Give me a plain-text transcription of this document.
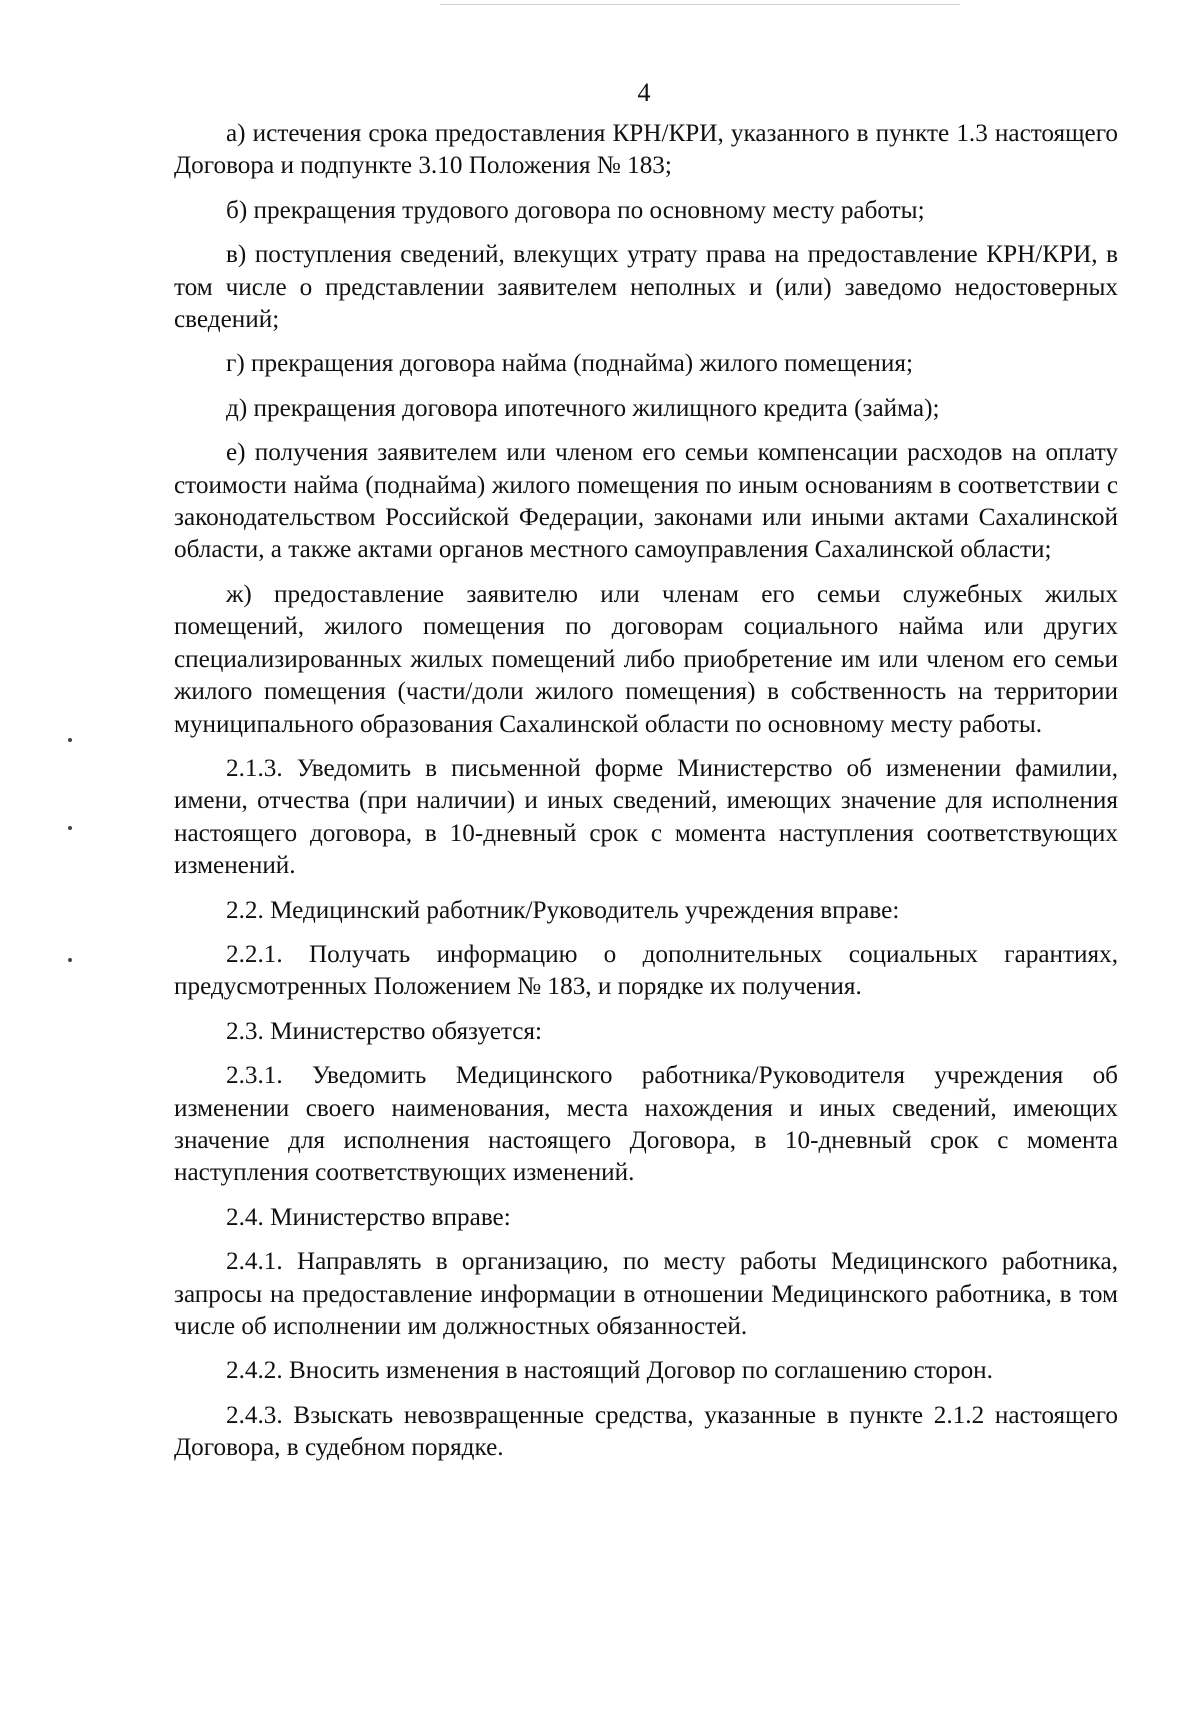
4

а) истечения срока предоставления КРН/КРИ, указанного в пункте 1.3 настоящего Договора и подпункте 3.10 Положения № 183;

б) прекращения трудового договора по основному месту работы;

в) поступления сведений, влекущих утрату права на предоставление КРН/КРИ, в том числе о представлении заявителем неполных и (или) заведомо недостоверных сведений;

г) прекращения договора найма (поднайма) жилого помещения;

д) прекращения договора ипотечного жилищного кредита (займа);

е) получения заявителем или членом его семьи компенсации расходов на оплату стоимости найма (поднайма) жилого помещения по иным основаниям в соответствии с законодательством Российской Федерации, законами или иными актами Сахалинской области, а также актами органов местного самоуправления Сахалинской области;

ж) предоставление заявителю или членам его семьи служебных жилых помещений, жилого помещения по договорам социального найма или других специализированных жилых помещений либо приобретение им или членом его семьи жилого помещения (части/доли жилого помещения) в собственность на территории муниципального образования Сахалинской области по основному месту работы.

2.1.3. Уведомить в письменной форме Министерство об изменении фамилии, имени, отчества (при наличии) и иных сведений, имеющих значение для исполнения настоящего договора, в 10-дневный срок с момента наступления соответствующих изменений.

2.2. Медицинский работник/Руководитель учреждения вправе:

2.2.1. Получать информацию о дополнительных социальных гарантиях, предусмотренных Положением № 183, и порядке их получения.

2.3. Министерство обязуется:

2.3.1. Уведомить Медицинского работника/Руководителя учреждения об изменении своего наименования, места нахождения и иных сведений, имеющих значение для исполнения настоящего Договора, в 10-дневный срок с момента наступления соответствующих изменений.

2.4. Министерство вправе:

2.4.1. Направлять в организацию, по месту работы Медицинского работника, запросы на предоставление информации в отношении Медицинского работника, в том числе об исполнении им должностных обязанностей.

2.4.2. Вносить изменения в настоящий Договор по соглашению сторон.

2.4.3. Взыскать невозвращенные средства, указанные в пункте 2.1.2 настоящего Договора, в судебном порядке.
